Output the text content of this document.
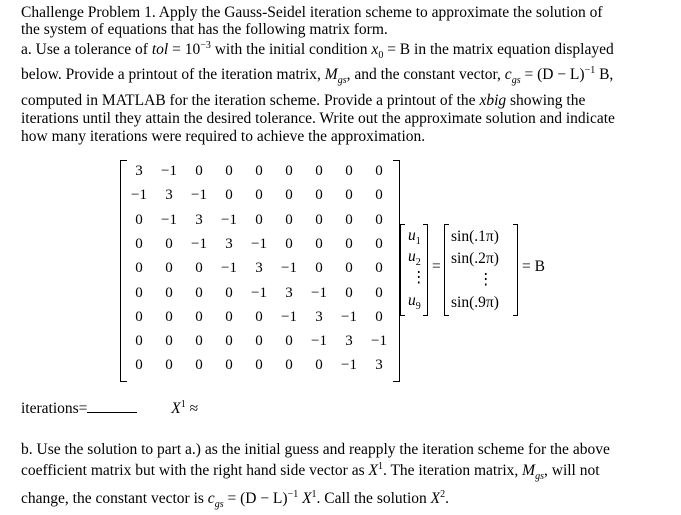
Challenge Problem 1. Apply the Gauss-Seidel iteration scheme to approximate the solution of
the system of equations that has the following matrix form.
a. Use a tolerance of tol = $10^{-3}$ with the initial condition $x_0 = B$ in the matrix equation displayed
below. Provide a printout of the iteration matrix, $M_{gs}$, and the constant vector, $c_{gs} = (D - L)^{-1}$ B,
computed in MATLAB for the iteration scheme. Provide a printout of the xbig showing the
iterations until they attain the desired tolerance. Write out the approximate solution and indicate
how many iterations were required to achieve the approximation.
3	−1	0	0	0	0	0	0	0
−1	3	−1	0	0	0	0	0	0
0	−1	3	−1	0	0	0	0	0
0	0	−1	3	−1	0	0	0	0
0	0	0	−1	3	−1	0	0	0
0	0	0	0	−1	3	−1	0	0
0	0	0	0	0	−1	3	−1	0
0	0	0	0	0	0	−1	3	−1
0	0	0	0	0	0	0	−1	3
$u_1$
$u_2$
⋮
$u_9$
=
sin(.1π)
sin(.2π)
⋮
sin(.9π)
= B
iterations=	$X^1$ ≈
b. Use the solution to part a.) as the initial guess and reapply the iteration scheme for the above
coefficient matrix but with the right hand side vector as $X^1$. The iteration matrix, $M_{gs}$, will not
change, the constant vector is $c_{gs} = (D - L)^{-1}$ $X^1$. Call the solution $X^2$.
